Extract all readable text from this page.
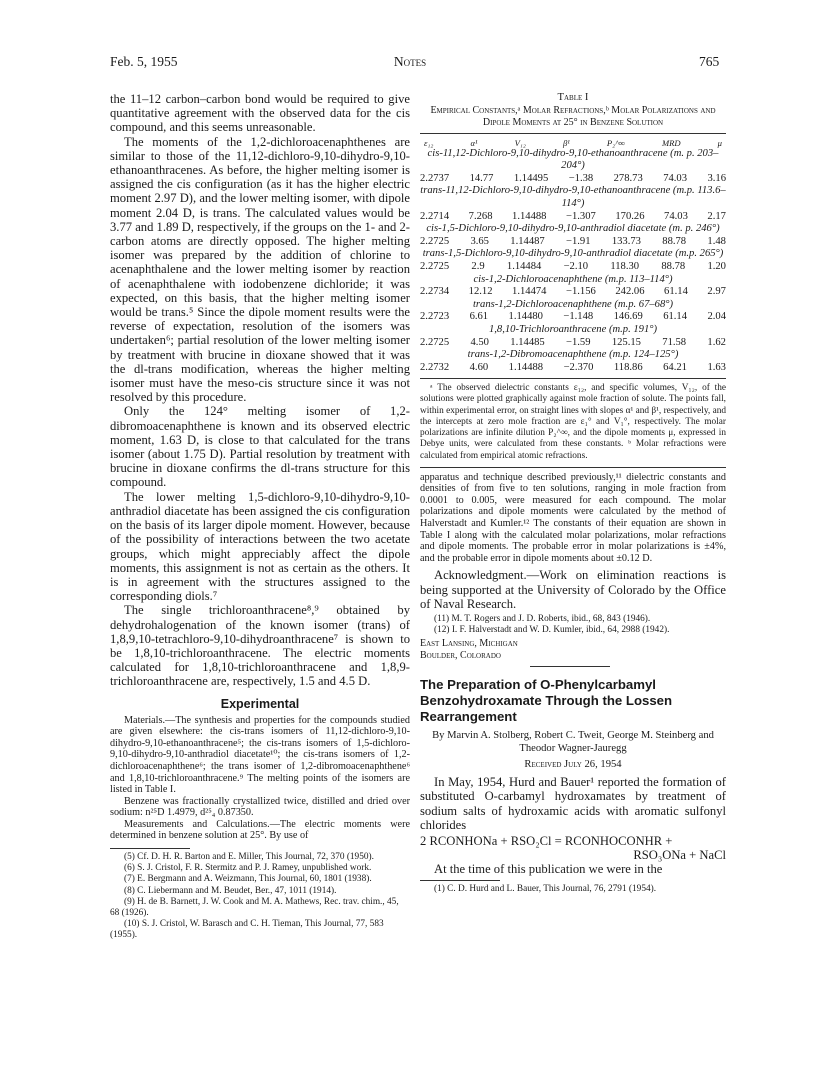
Feb. 5, 1955	Notes	765

the 11–12 carbon–carbon bond would be required to give quantitative agreement with the observed data for the cis compound, and this seems unreasonable.

The moments of the 1,2-dichloroacenaphthenes are similar to those of the 11,12-dichloro-9,10-dihydro-9,10-ethanoanthracenes. As before, the higher melting isomer is assigned the cis configuration (as it has the higher electric moment 2.97 D), and the lower melting isomer, with dipole moment 2.04 D, is trans. The calculated values would be 3.77 and 1.89 D, respectively, if the groups on the 1- and 2-carbon atoms are directly opposed. The higher melting isomer was prepared by the addition of chlorine to acenaphthalene and the lower melting isomer by reaction of acenaphthalene with iodobenzene dichloride; it was expected, on this basis, that the higher melting isomer would be trans.⁵ Since the dipole moment results were the reverse of expectation, resolution of the isomers was undertaken⁶; partial resolution of the lower melting isomer by treatment with brucine in dioxane showed that it was the dl-trans modification, whereas the higher melting isomer must have the meso-cis structure since it was not resolved by this procedure.

Only the 124° melting isomer of 1,2-dibromoacenaphthene is known and its observed electric moment, 1.63 D, is close to that calculated for the trans isomer (about 1.75 D). Partial resolution by treatment with brucine in dioxane confirms the dl-trans structure for this compound.

The lower melting 1,5-dichloro-9,10-dihydro-9,10-anthradiol diacetate has been assigned the cis configuration on the basis of its larger dipole moment. However, because of the possibility of interactions between the two acetate groups, which might appreciably affect the dipole moments, this assignment is not as certain as the others. It is in agreement with the structures assigned to the corresponding diols.⁷

The single trichloroanthracene⁸,⁹ obtained by dehydrohalogenation of the known isomer (trans) of 1,8,9,10-tetrachloro-9,10-dihydroanthracene⁷ is shown to be 1,8,10-trichloroanthracene. The electric moments calculated for 1,8,10-trichloroanthracene and 1,8,9-trichloroanthracene are, respectively, 1.5 and 4.5 D.

Experimental

Materials.—The synthesis and properties for the compounds studied are given elsewhere: the cis-trans isomers of 11,12-dichloro-9,10-dihydro-9,10-ethanoanthracene⁵; the cis-trans isomers of 1,5-dichloro-9,10-dihydro-9,10-anthradiol diacetate¹⁰; the cis-trans isomers of 1,2-dichloroacenaphthene⁶; the trans isomer of 1,2-dibromoacenaphthene⁶ and 1,8,10-trichloroanthracene.⁹ The melting points of the isomers are listed in Table I.

Benzene was fractionally crystallized twice, distilled and dried over sodium: n²⁵D 1.4979, d²⁵₄ 0.87350.

Measurements and Calculations.—The electric moments were determined in benzene solution at 25°. By use of

(5) Cf. D. H. R. Barton and E. Miller, This Journal, 72, 370 (1950).

(6) S. J. Cristol, F. R. Stermitz and P. J. Ramey, unpublished work.

(7) E. Bergmann and A. Weizmann, This Journal, 60, 1801 (1938).

(8) C. Liebermann and M. Beudet, Ber., 47, 1011 (1914).

(9) H. de B. Barnett, J. W. Cook and M. A. Mathews, Rec. trav. chim., 45, 68 (1926).

(10) S. J. Cristol, W. Barasch and C. H. Tieman, This Journal, 77, 583 (1955).

Table I
Empirical Constants,ᵃ Molar Refractions,ᵇ Molar Polarizations and Dipole Moments at 25° in Benzene Solution
ε₁₂	α¹	V₁₂	β¹	P₂^∞	MRD	μ
cis-11,12-Dichloro-9,10-dihydro-9,10-ethanoanthracene (m. p. 203–204°)
2.2737 14.77 1.14495 −1.38 278.73 74.03 3.16
trans-11,12-Dichloro-9,10-dihydro-9,10-ethanoanthracene (m.p. 113.6–114°)
2.2714 7.268 1.14488 −1.307 170.26 74.03 2.17
cis-1,5-Dichloro-9,10-dihydro-9,10-anthradiol diacetate (m. p. 246°)
2.2725 3.65 1.14487 −1.91 133.73 88.78 1.48
trans-1,5-Dichloro-9,10-dihydro-9,10-anthradiol diacetate (m.p. 265°)
2.2725 2.9 1.14484 −2.10 118.30 88.78 1.20
cis-1,2-Dichloroacenaphthene (m.p. 113–114°)
2.2734 12.12 1.14474 −1.156 242.06 61.14 2.97
trans-1,2-Dichloroacenaphthene (m.p. 67–68°)
2.2723 6.61 1.14480 −1.148 146.69 61.14 2.04
1,8,10-Trichloroanthracene (m.p. 191°)
2.2725 4.50 1.14485 −1.59 125.15 71.58 1.62
trans-1,2-Dibromoacenaphthene (m.p. 124–125°)
2.2732 4.60 1.14488 −2.370 118.86 64.21 1.63

ᵃ The observed dielectric constants ε₁₂, and specific volumes, V₁₂, of the solutions were plotted graphically against mole fraction of solute. The points fall, within experimental error, on straight lines with slopes α¹ and β¹, respectively, and the intercepts at zero mole fraction are ε₁° and V₁°, respectively. The molar polarizations are infinite dilution P₂^∞, and the dipole moments μ, expressed in Debye units, were calculated from these constants. ᵇ Molar refractions were calculated from empirical atomic refractions.

apparatus and technique described previously,¹¹ dielectric constants and densities of from five to ten solutions, ranging in mole fraction from 0.0001 to 0.005, were measured for each compound. The molar polarizations and dipole moments were calculated by the method of Halverstadt and Kumler.¹² The constants of their equation are shown in Table I along with the calculated molar polarizations, molar refractions and dipole moments. The probable error in molar polarizations is ±4%, and the probable error in dipole moments about ±0.12 D.

Acknowledgment.—Work on elimination reactions is being supported at the University of Colorado by the Office of Naval Research.

(11) M. T. Rogers and J. D. Roberts, ibid., 68, 843 (1946).

(12) I. F. Halverstadt and W. D. Kumler, ibid., 64, 2988 (1942).

East Lansing, Michigan

Boulder, Colorado

The Preparation of O-Phenylcarbamyl Benzohydroxamate Through the Lossen Rearrangement

By Marvin A. Stolberg, Robert C. Tweit, George M. Steinberg and Theodor Wagner-Jauregg

Received July 26, 1954

In May, 1954, Hurd and Bauer¹ reported the formation of substituted O-carbamyl hydroxamates by treatment of sodium salts of hydroxamic acids with aromatic sulfonyl chlorides

2 RCONHONa + RSO₂Cl = RCONHOCONHR +

RSO₃ONa + NaCl

At the time of this publication we were in the

(1) C. D. Hurd and L. Bauer, This Journal, 76, 2791 (1954).
